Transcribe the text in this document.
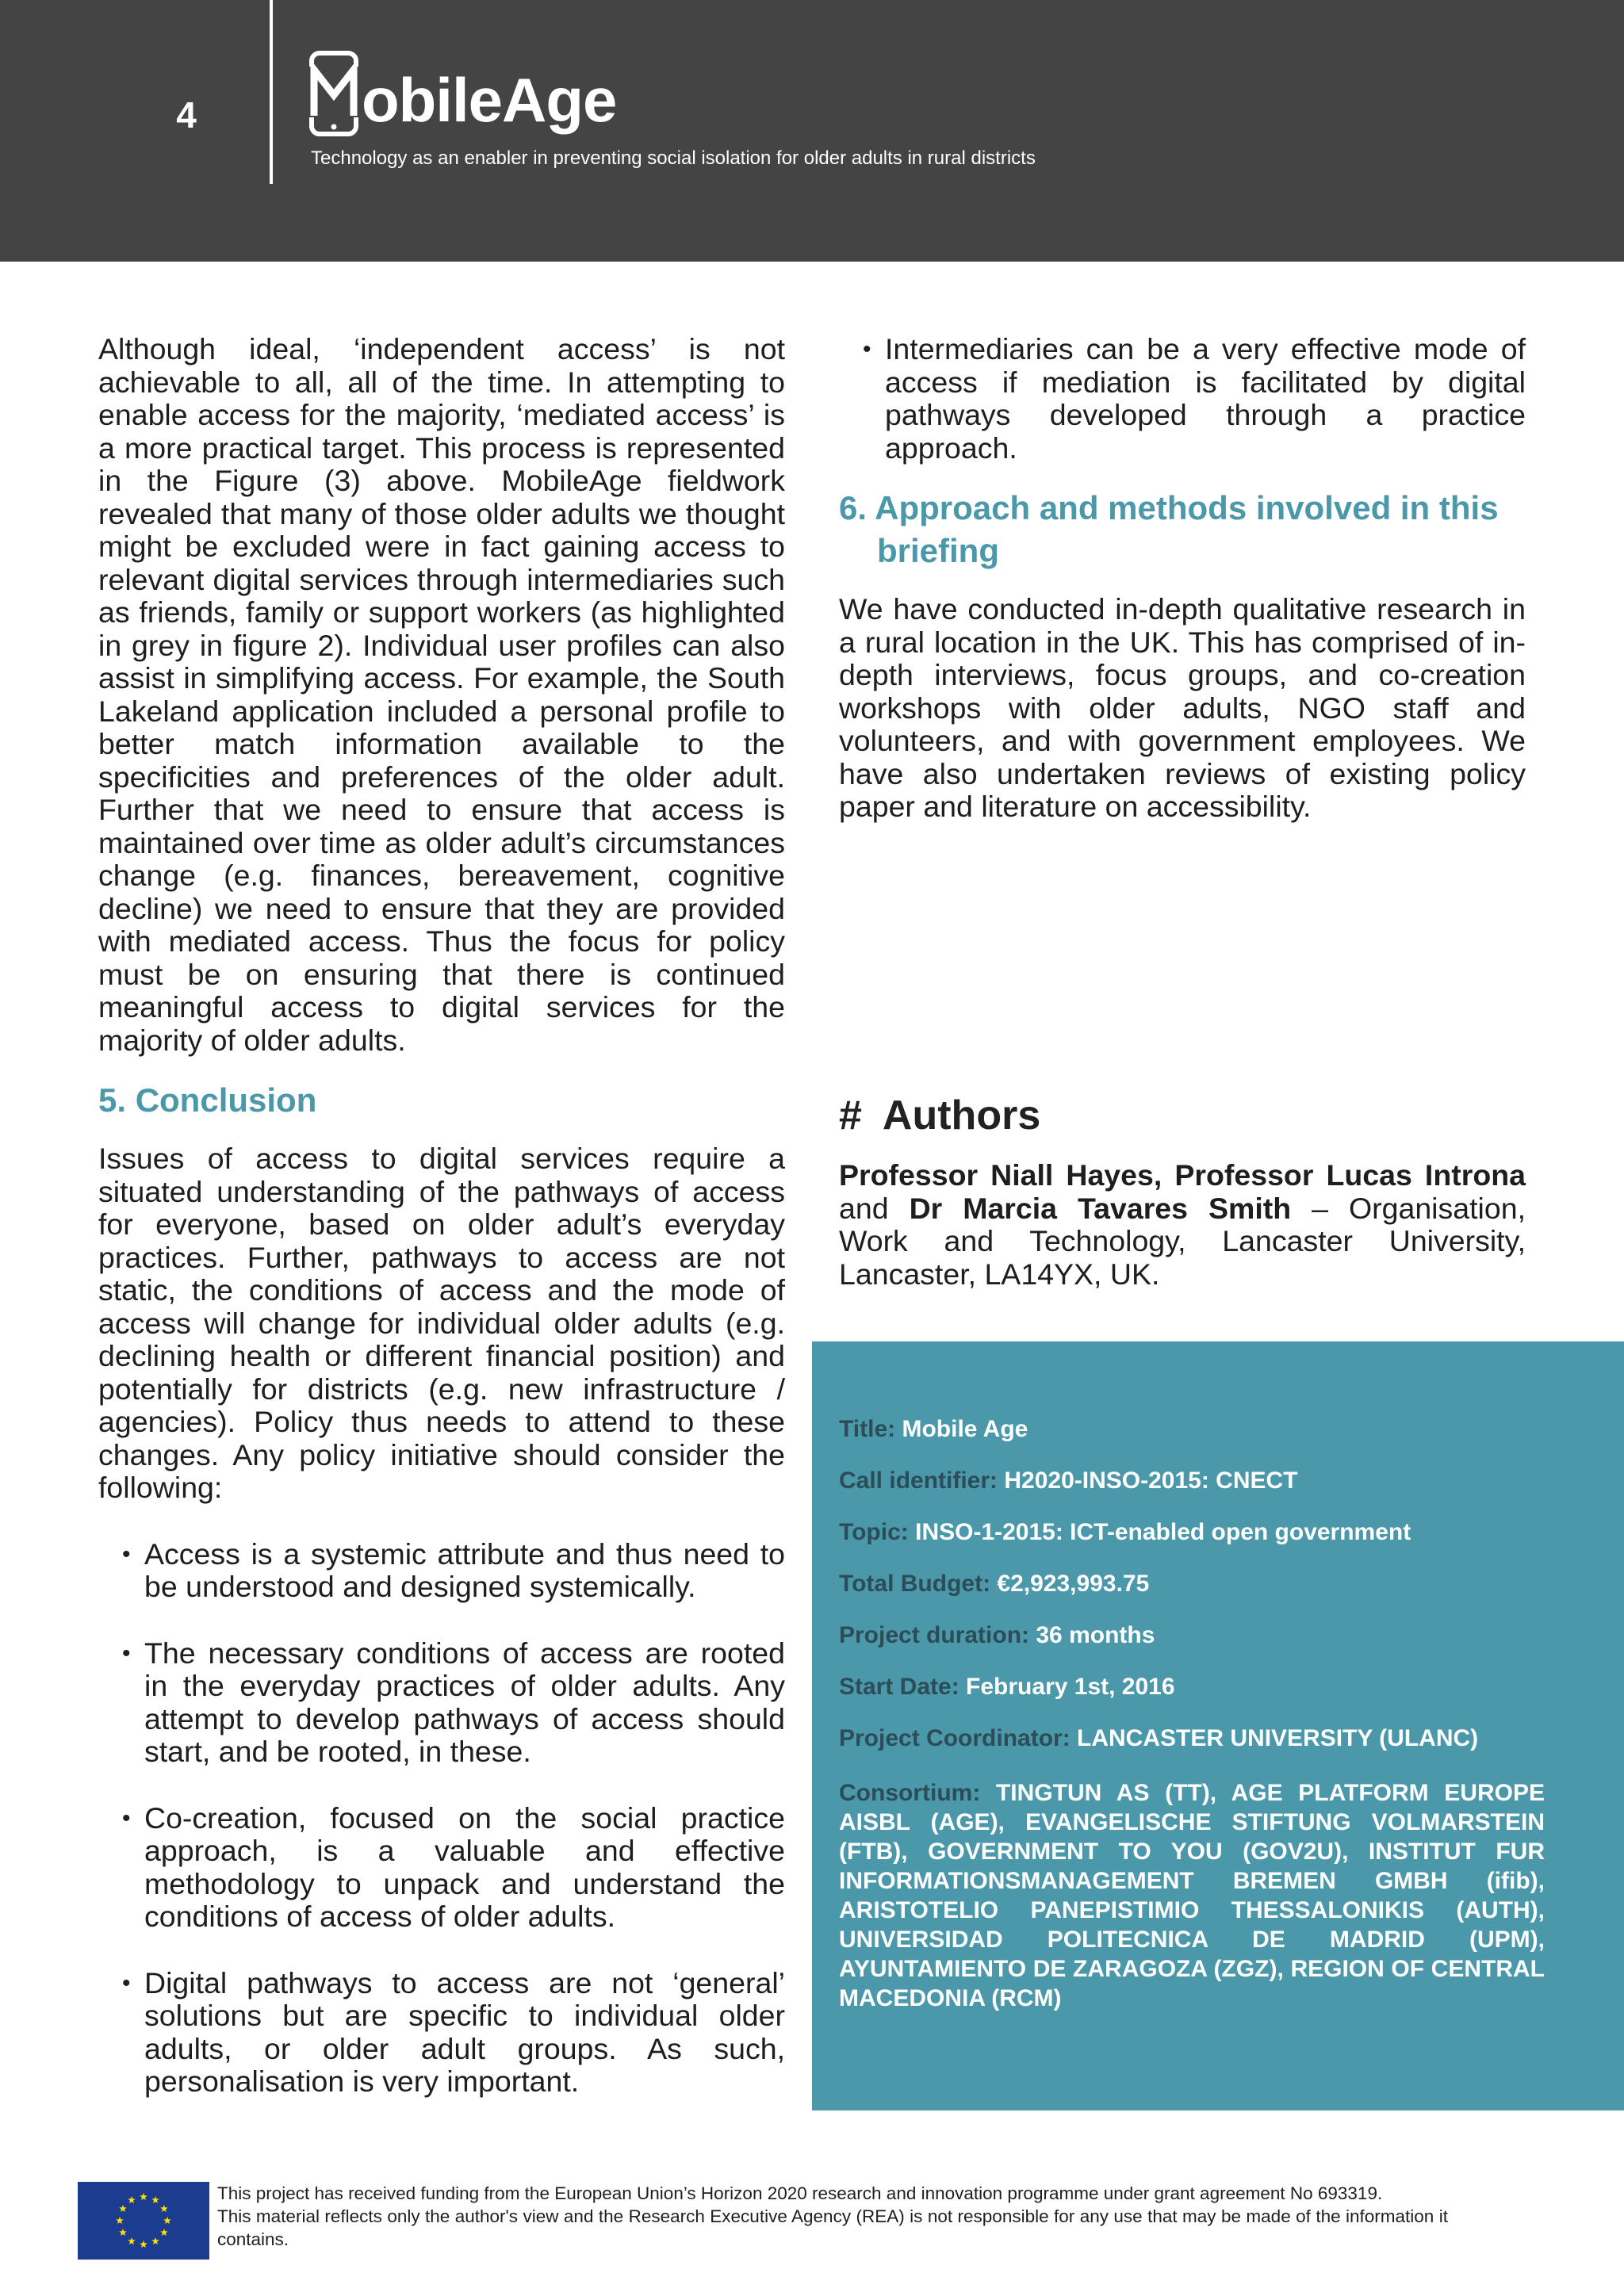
4	obileAge
Technology as an enabler in preventing social isolation for older adults in rural districts

Although ideal, ‘independent access’ is not achievable to all, all of the time. In attempting to enable access for the majority, ‘mediated access’ is a more practical target. This process is represented in the Figure (3) above. MobileAge fieldwork revealed that many of those older adults we thought might be excluded were in fact gaining access to relevant digital services through intermediaries such as friends, family or support workers (as highlighted in grey in figure 2). Individual user profiles can also assist in simplifying access. For example, the South Lakeland application included a personal profile to better match information available to the specificities and preferences of the older adult. Further that we need to ensure that access is maintained over time as older adult’s circumstances change (e.g. finances, bereavement, cognitive decline) we need to ensure that they are provided with mediated access. Thus the focus for policy must be on ensuring that there is continued meaningful access to digital services for the majority of older adults.

5. Conclusion

Issues of access to digital services require a situated understanding of the pathways of access for everyone, based on older adult’s everyday practices. Further, pathways to access are not static, the conditions of access and the mode of access will change for individual older adults (e.g. declining health or different financial position) and potentially for districts (e.g. new infrastructure / agencies). Policy thus needs to attend to these changes. Any policy initiative should consider the following:

• Access is a systemic attribute and thus need to be understood and designed systemically.
• The necessary conditions of access are rooted in the everyday practices of older adults. Any attempt to develop pathways of access should start, and be rooted, in these.
• Co-creation, focused on the social practice approach, is a valuable and effective methodology to unpack and understand the conditions of access of older adults.
• Digital pathways to access are not ‘general’ solutions but are specific to individual older adults, or older adult groups. As such, personalisation is very important.
• Intermediaries can be a very effective mode of access if mediation is facilitated by digital pathways developed through a practice approach.
6. Approach and methods involved in this
briefing

We have conducted in-depth qualitative research in a rural location in the UK. This has comprised of in-depth interviews, focus groups, and co-creation workshops with older adults, NGO staff and volunteers, and with government employees. We have also undertaken reviews of existing policy paper and literature on accessibility.

# Authors

Professor Niall Hayes, Professor Lucas Introna and Dr Marcia Tavares Smith – Organisation, Work and Technology, Lancaster University, Lancaster, LA14YX, UK.

Title: Mobile Age
Call identifier: H2020-INSO-2015: CNECT
Topic: INSO-1-2015: ICT-enabled open government
Total Budget: €2,923,993.75
Project duration: 36 months
Start Date: February 1st, 2016
Project Coordinator: LANCASTER UNIVERSITY (ULANC)
Consortium: TINGTUN AS (TT), AGE PLATFORM EUROPE AISBL (AGE), EVANGELISCHE STIFTUNG VOLMARSTEIN (FTB), GOVERNMENT TO YOU (GOV2U), INSTITUT FUR INFORMATIONSMANAGEMENT BREMEN GMBH (ifib), ARISTOTELIO PANEPISTIMIO THESSALONIKIS (AUTH), UNIVERSIDAD POLITECNICA DE MADRID (UPM), AYUNTAMIENTO DE ZARAGOZA (ZGZ), REGION OF CENTRAL MACEDONIA (RCM)
This project has received funding from the European Union’s Horizon 2020 research and innovation programme under grant agreement No 693319.
This material reflects only the author's view and the Research Executive Agency (REA) is not responsible for any use that may be made of the information it contains.
